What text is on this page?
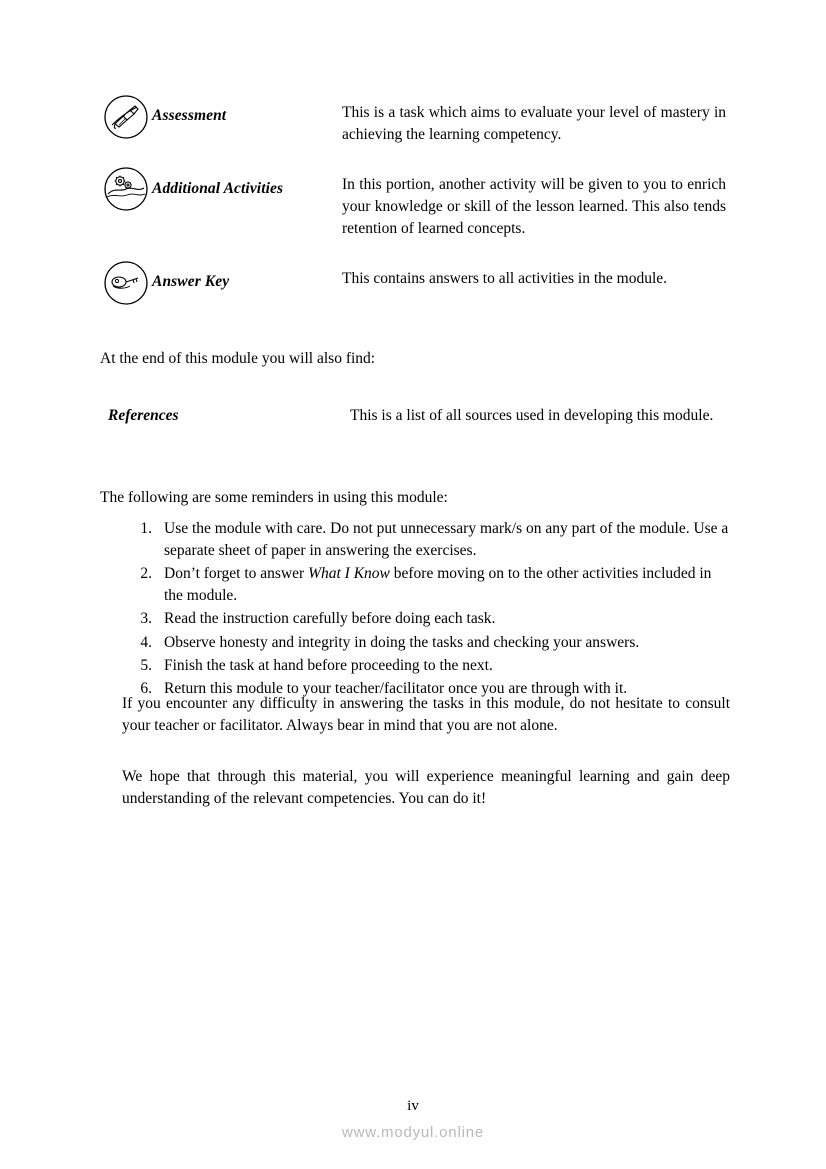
Assessment	This is a task which aims to evaluate your level of mastery in achieving the learning competency.
Additional Activities	In this portion, another activity will be given to you to enrich your knowledge or skill of the lesson learned. This also tends retention of learned concepts.
Answer Key	This contains answers to all activities in the module.
At the end of this module you will also find:
References	This is a list of all sources used in developing this module.
The following are some reminders in using this module:
1. Use the module with care. Do not put unnecessary mark/s on any part of the module. Use a separate sheet of paper in answering the exercises.
2. Don’t forget to answer What I Know before moving on to the other activities included in the module.
3. Read the instruction carefully before doing each task.
4. Observe honesty and integrity in doing the tasks and checking your answers.
5. Finish the task at hand before proceeding to the next.
6. Return this module to your teacher/facilitator once you are through with it.
If you encounter any difficulty in answering the tasks in this module, do not hesitate to consult your teacher or facilitator. Always bear in mind that you are not alone.
We hope that through this material, you will experience meaningful learning and gain deep understanding of the relevant competencies. You can do it!
iv
www.modyul.online
